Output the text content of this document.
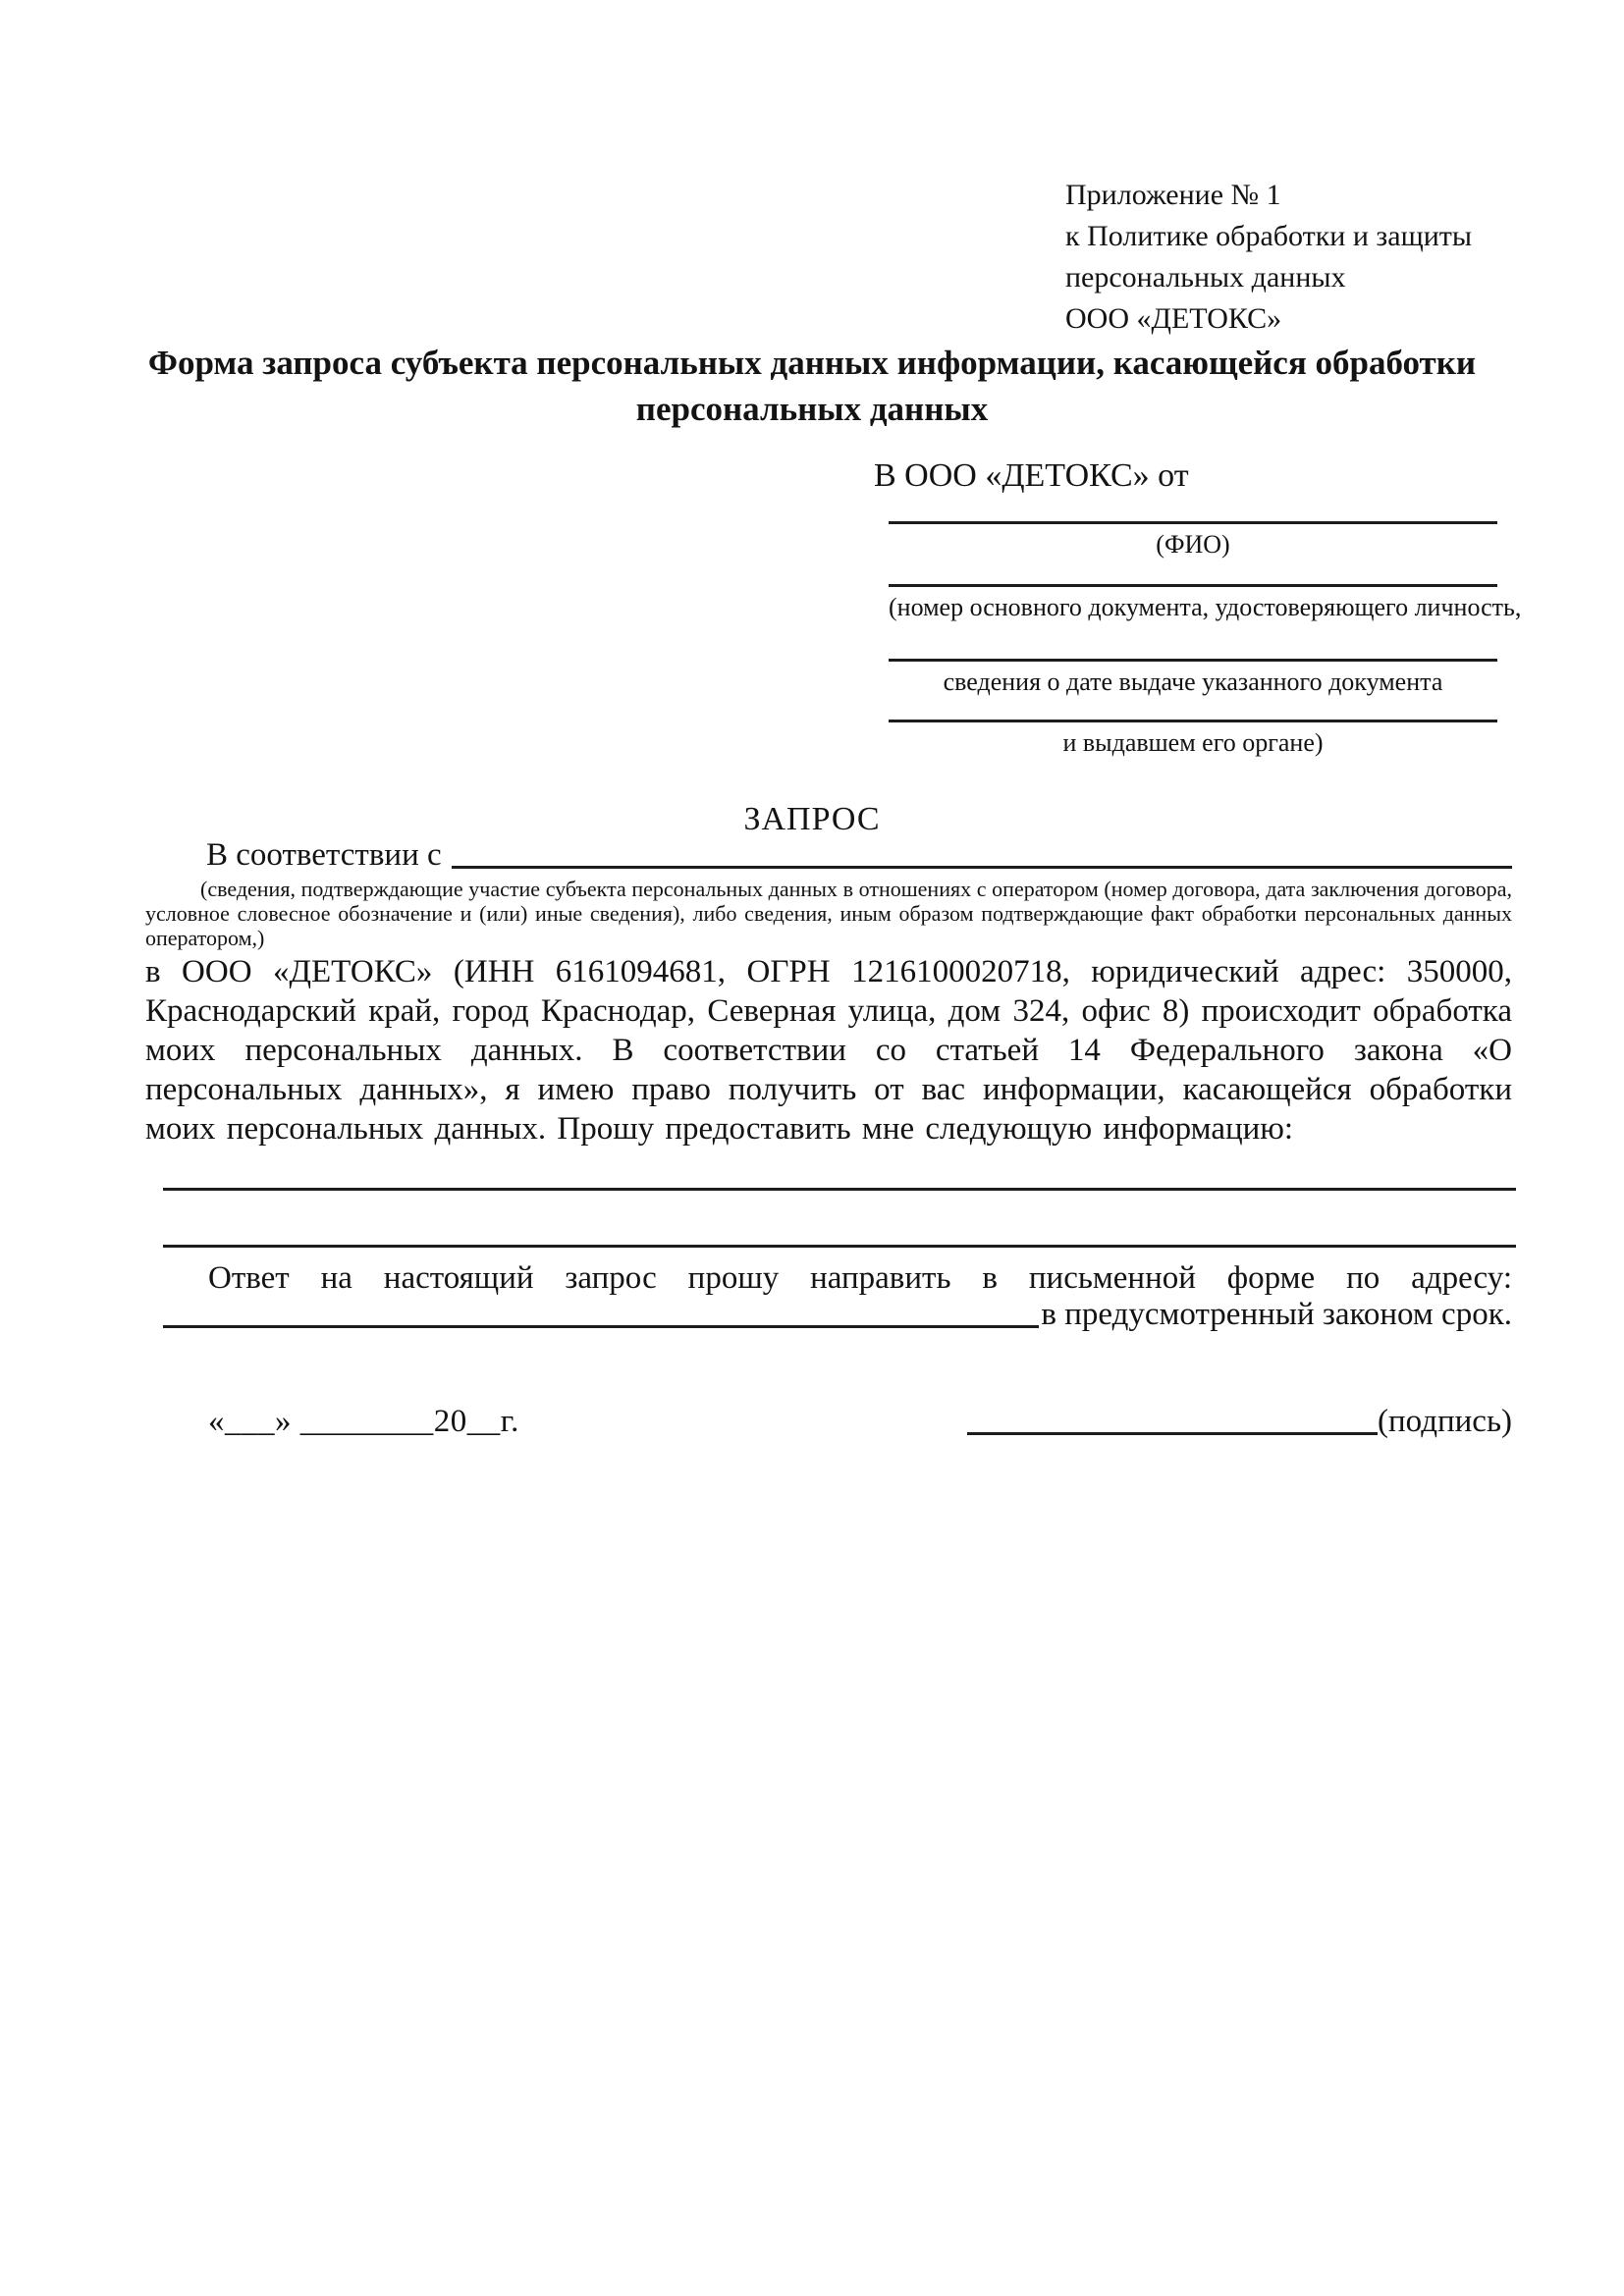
Приложение № 1
к Политике обработки и защиты
персональных данных
ООО «ДЕТОКС»
Форма запроса субъекта персональных данных информации, касающейся обработки персональных данных
В ООО «ДЕТОКС» от
(ФИО)
(номер основного документа, удостоверяющего личность,
сведения о дате выдаче указанного документа
и выдавшем его органе)
ЗАПРОС
В соответствии с
(сведения, подтверждающие участие субъекта персональных данных в отношениях с оператором (номер договора, дата заключения договора, условное словесное обозначение и (или) иные сведения), либо сведения, иным образом подтверждающие факт обработки персональных данных оператором,)
в ООО «ДЕТОКС» (ИНН 6161094681, ОГРН 1216100020718, юридический адрес: 350000, Краснодарский край, город Краснодар, Северная улица, дом 324, офис 8) происходит обработка моих персональных данных. В соответствии со статьей 14 Федерального закона «О персональных данных», я имею право получить от вас информации, касающейся обработки моих персональных данных. Прошу предоставить мне следующую информацию:
Ответ на настоящий запрос прошу направить в письменной форме по адресу:
в предусмотренный законом срок.
«___» ________20__г.	(подпись)
